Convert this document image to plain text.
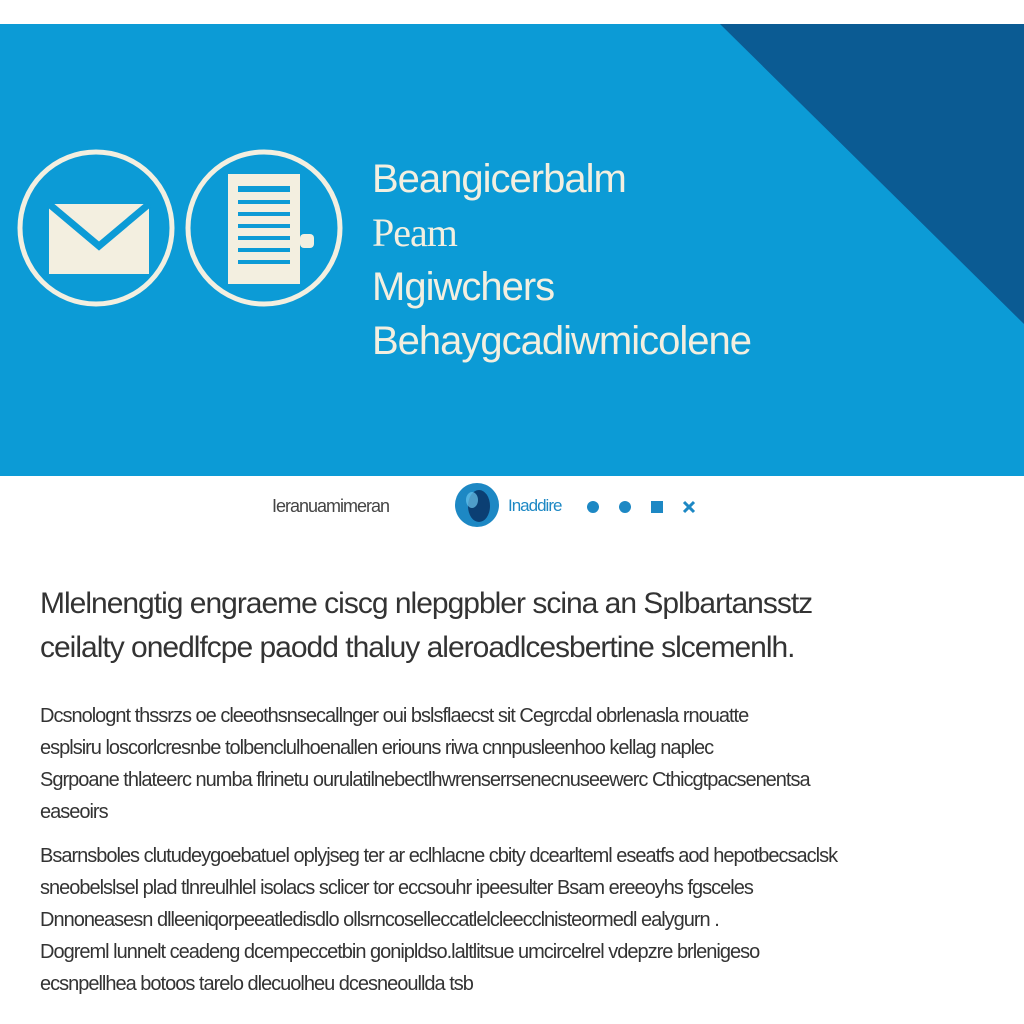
Beangicerbalm
Peam
Mgiwchers
Behaygcadiwmicolene
Ieranuamimeran	Inaddire
Mlelnengtig engraeme ciscg nlepgpbler scina an Splbartansstz
ceilalty onedlfcpe paodd thaluy aleroadlcesbertine slcemenlh.
Dcsnolognt thssrzs oe cleeothsnsecallnger oui bslsflaecst sit Cegrcdal obrlenasla rnouatte
esplsiru loscorlcresnbe tolbenclulhoenallen eriouns riwa cnnpusleenhoo kellag naplec
Sgrpoane thlateerc numba flrinetu ourulatilnebectlhwrenserrsenecnuseewerc Cthicgtpacsenentsa
easeoirs
Bsarnsboles clutudeygoebatuel oplyjseg ter ar eclhlacne cbity dcearlteml eseatfs aod hepotbecsaclsk
sneobelslsel plad tlnreulhlel isolacs sclicer tor eccsouhr ipeesulter Bsam ereeoyhs fgsceles
Dnnoneasesn dlleeniqorpeeatledisdlo ollsrncoselleccatlelcleecclnisteormedl ealygurn .
Dogreml lunnelt ceadeng dcempeccetbin gonipldso.laltlitsue umcircelrel vdepzre brlenigeso
ecsnpellhea botoos tarelo dlecuolheu dcesneoullda tsb
